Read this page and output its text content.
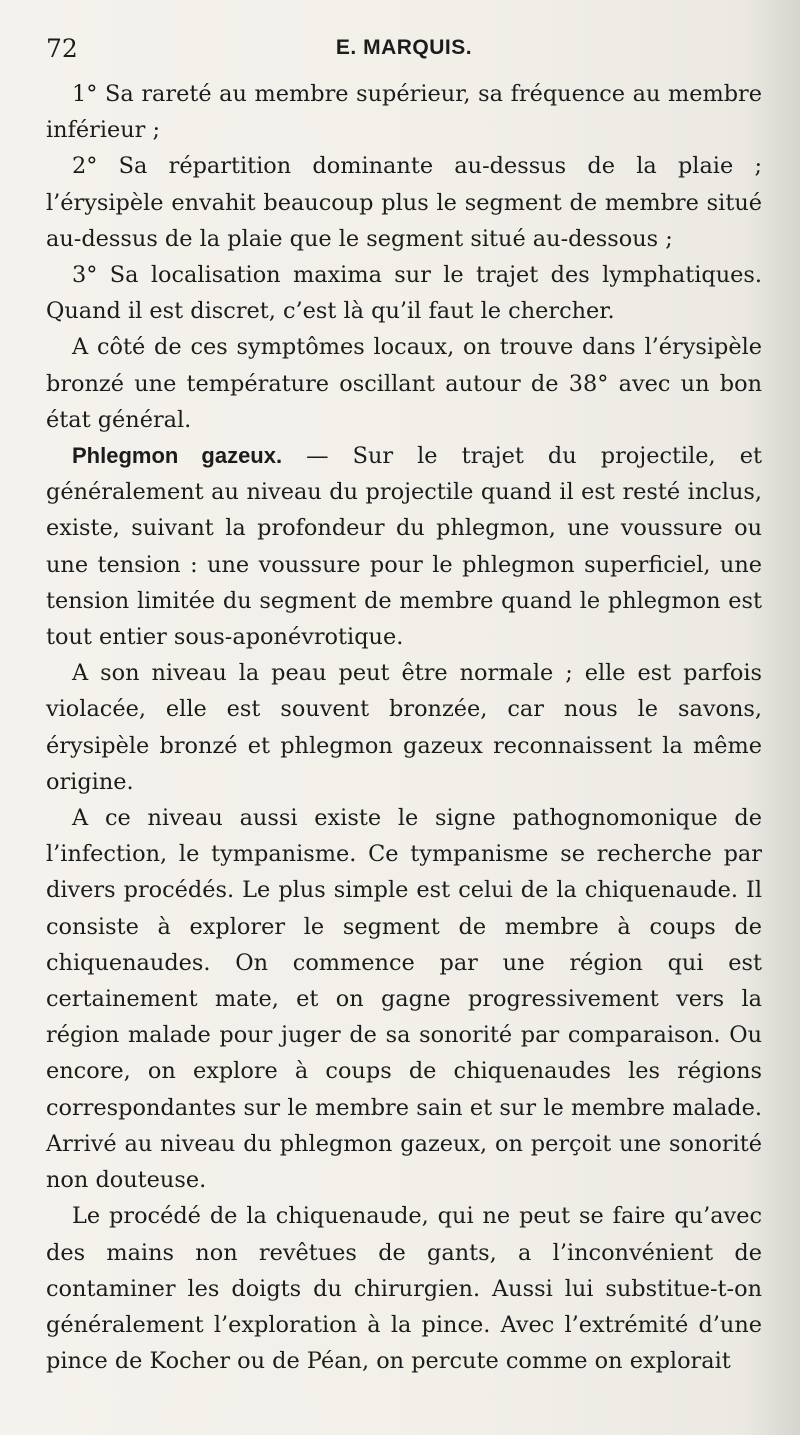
72	E. MARQUIS.

1° Sa rareté au membre supérieur, sa fréquence au membre inférieur ;

2° Sa répartition dominante au-dessus de la plaie ; l’érysipèle envahit beaucoup plus le segment de membre situé au-dessus de la plaie que le segment situé au-dessous ;

3° Sa localisation maxima sur le trajet des lymphatiques. Quand il est discret, c’est là qu’il faut le chercher.

A côté de ces symptômes locaux, on trouve dans l’érysipèle bronzé une température oscillant autour de 38° avec un bon état général.

Phlegmon gazeux. — Sur le trajet du projectile, et généralement au niveau du projectile quand il est resté inclus, existe, suivant la profondeur du phlegmon, une voussure ou une tension : une voussure pour le phlegmon superficiel, une tension limitée du segment de membre quand le phlegmon est tout entier sous-aponévrotique.

A son niveau la peau peut être normale ; elle est parfois violacée, elle est souvent bronzée, car nous le savons, érysipèle bronzé et phlegmon gazeux reconnaissent la même origine.

A ce niveau aussi existe le signe pathognomonique de l’infection, le tympanisme. Ce tympanisme se recherche par divers procédés. Le plus simple est celui de la chiquenaude. Il consiste à explorer le segment de membre à coups de chiquenaudes. On commence par une région qui est certainement mate, et on gagne progressivement vers la région malade pour juger de sa sonorité par comparaison. Ou encore, on explore à coups de chiquenaudes les régions correspondantes sur le membre sain et sur le membre malade. Arrivé au niveau du phlegmon gazeux, on perçoit une sonorité non douteuse.

Le procédé de la chiquenaude, qui ne peut se faire qu’avec des mains non revêtues de gants, a l’inconvénient de contaminer les doigts du chirurgien. Aussi lui substitue-t-on généralement l’exploration à la pince. Avec l’extrémité d’une pince de Kocher ou de Péan, on percute comme on explorait
